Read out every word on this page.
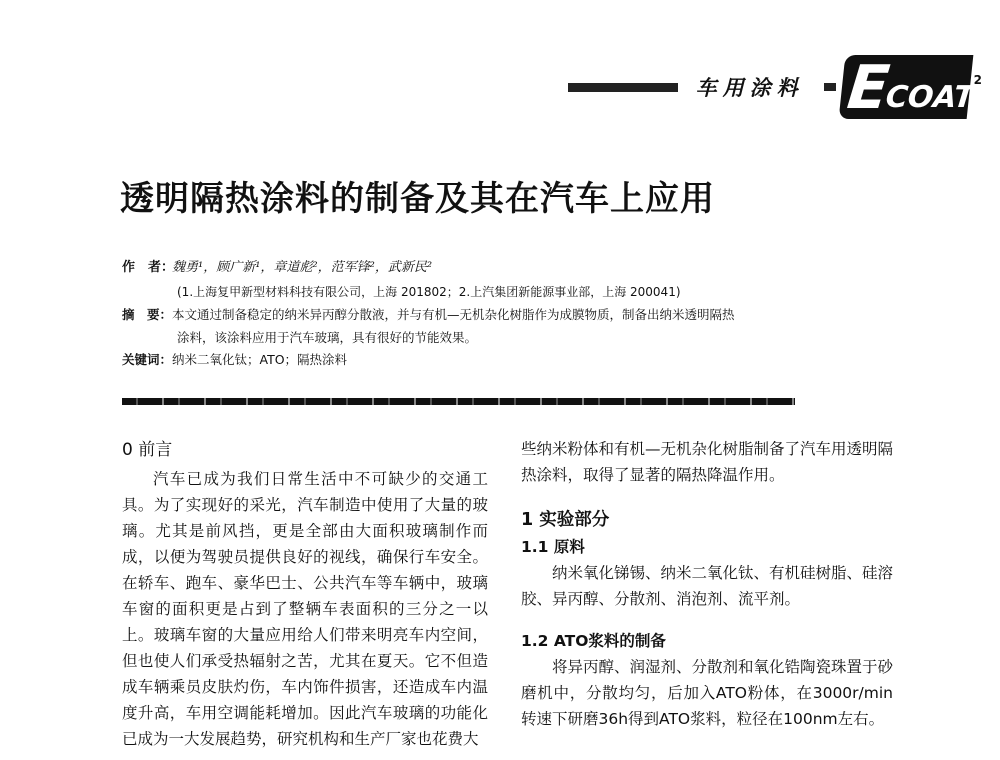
车用涂料 E
COAT
2
透明隔热涂料的制备及其在汽车上应用
作　者：魏勇¹，顾广新¹，章道彪²，范军锋²，武新民²
(1.上海复甲新型材料科技有限公司，上海 201802；2.上汽集团新能源事业部，上海 200041)
摘　要：本文通过制备稳定的纳米异丙醇分散液，并与有机—无机杂化树脂作为成膜物质，制备出纳米透明隔热
涂料，该涂料应用于汽车玻璃，具有很好的节能效果。
关键词：纳米二氧化钛；ATO；隔热涂料
0 前言

汽车已成为我们日常生活中不可缺少的交通工具。为了实现好的采光，汽车制造中使用了大量的玻璃。尤其是前风挡，更是全部由大面积玻璃制作而成，以便为驾驶员提供良好的视线，确保行车安全。在轿车、跑车、豪华巴士、公共汽车等车辆中，玻璃车窗的面积更是占到了整辆车表面积的三分之一以上。玻璃车窗的大量应用给人们带来明亮车内空间，但也使人们承受热辐射之苦，尤其在夏天。它不但造成车辆乘员皮肤灼伤，车内饰件损害，还造成车内温度升高，车用空调能耗增加。因此汽车玻璃的功能化已成为一大发展趋势，研究机构和生产厂家也花费大

些纳米粉体和有机—无机杂化树脂制备了汽车用透明隔热涂料，取得了显著的隔热降温作用。

1 实验部分
1.1 原料

纳米氧化锑锡、纳米二氧化钛、有机硅树脂、硅溶胶、异丙醇、分散剂、消泡剂、流平剂。

1.2 ATO浆料的制备

将异丙醇、润湿剂、分散剂和氧化锆陶瓷珠置于砂磨机中，分散均匀，后加入ATO粉体，在3000r/min转速下研磨36h得到ATO浆料，粒径在100nm左右。
